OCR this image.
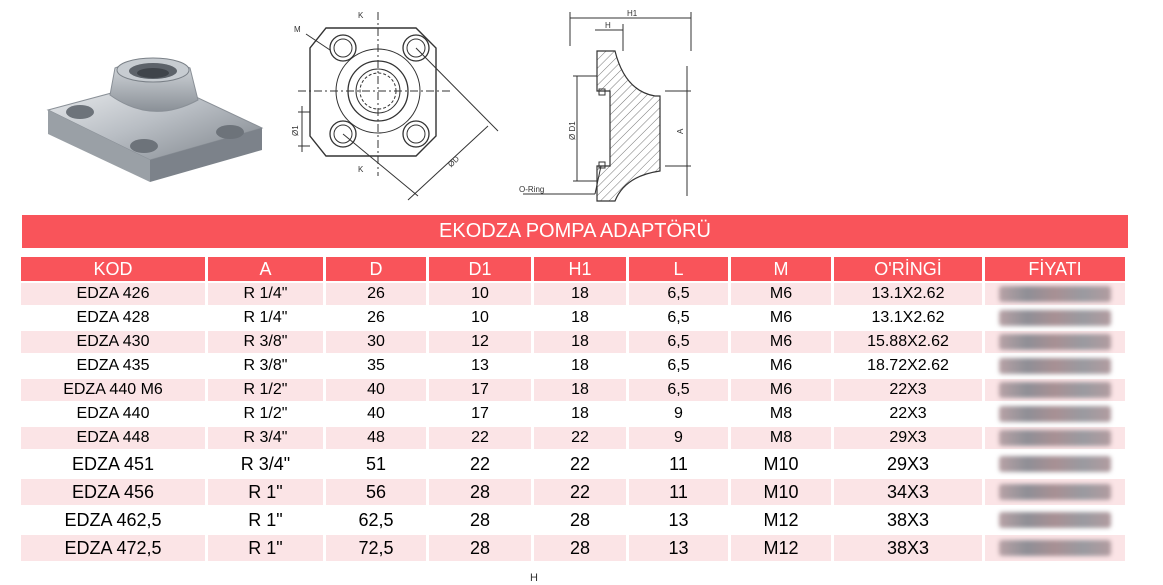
M
K
K
Ø1
ØD
H1
H
Ø D1	A
O-Ring
EKODZA POMPA ADAPTÖRÜ
KOD	A	D	D1	H1	L	M	O'RİNGİ	FİYATI
EDZA 426	R 1/4"	26	10	18	6,5	M6	13.1X2.62	

EDZA 428	R 1/4"	26	10	18	6,5	M6	13.1X2.62	

EDZA 430	R 3/8"	30	12	18	6,5	M6	15.88X2.62	

EDZA 435	R 3/8"	35	13	18	6,5	M6	18.72X2.62	

EDZA 440 M6	R 1/2"	40	17	18	6,5	M6	22X3	

EDZA 440	R 1/2"	40	17	18	9	M8	22X3	

EDZA 448	R 3/4"	48	22	22	9	M8	29X3	

EDZA 451	R 3/4"	51	22	22	11	M10	29X3	

EDZA 456	R 1"	56	28	22	11	M10	34X3	

EDZA 462,5	R 1"	62,5	28	28	13	M12	38X3	

EDZA 472,5	R 1"	72,5	28	28	13	M12	38X3	
H
